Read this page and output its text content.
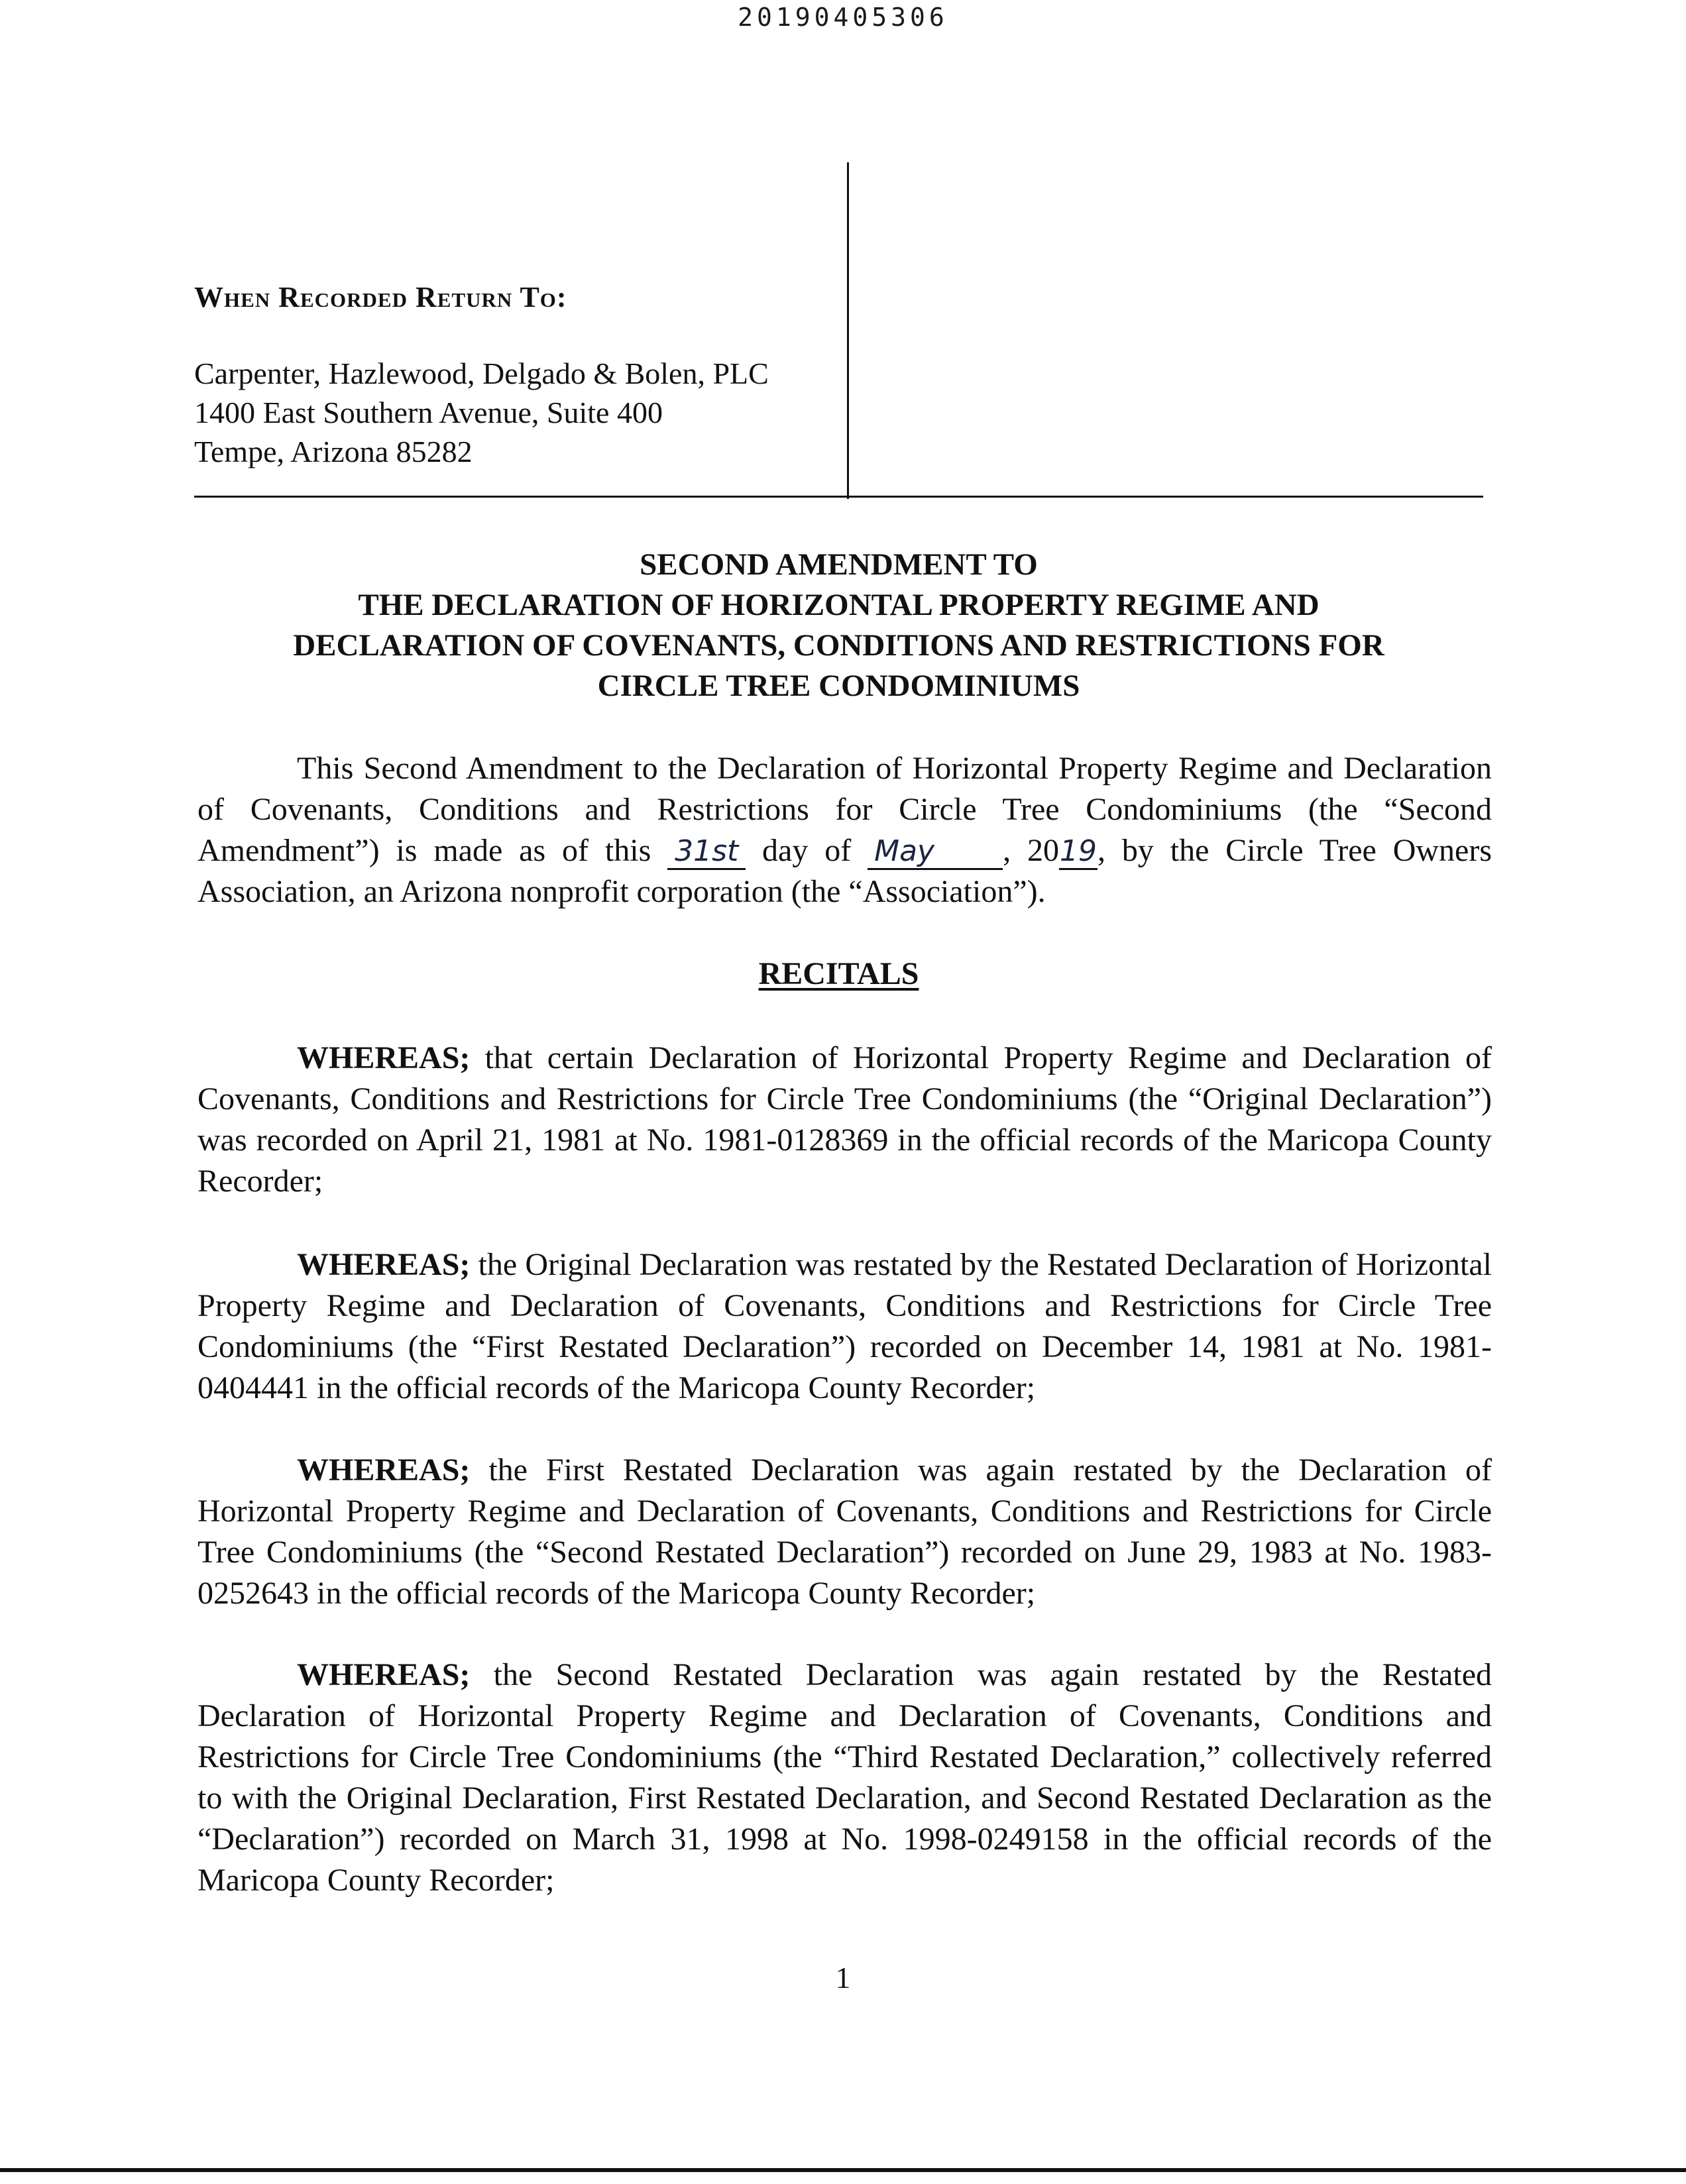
20190405306
When Recorded Return To:
Carpenter, Hazlewood, Delgado & Bolen, PLC
1400 East Southern Avenue, Suite 400
Tempe, Arizona 85282
SECOND AMENDMENT TO
THE DECLARATION OF HORIZONTAL PROPERTY REGIME AND
DECLARATION OF COVENANTS, CONDITIONS AND RESTRICTIONS FOR
CIRCLE TREE CONDOMINIUMS
This Second Amendment to the Declaration of Horizontal Property Regime and Declaration of Covenants, Conditions and Restrictions for Circle Tree Condominiums (the “Second Amendment”) is made as of this 31st day of May , 2019, by the Circle Tree Owners Association, an Arizona nonprofit corporation (the “Association”).
RECITALS
WHEREAS; that certain Declaration of Horizontal Property Regime and Declaration of Covenants, Conditions and Restrictions for Circle Tree Condominiums (the “Original Declaration”) was recorded on April 21, 1981 at No. 1981-0128369 in the official records of the Maricopa County Recorder;
WHEREAS; the Original Declaration was restated by the Restated Declaration of Horizontal Property Regime and Declaration of Covenants, Conditions and Restrictions for Circle Tree Condominiums (the “First Restated Declaration”) recorded on December 14, 1981 at No. 1981-0404441 in the official records of the Maricopa County Recorder;
WHEREAS; the First Restated Declaration was again restated by the Declaration of Horizontal Property Regime and Declaration of Covenants, Conditions and Restrictions for Circle Tree Condominiums (the “Second Restated Declaration”) recorded on June 29, 1983 at No. 1983-0252643 in the official records of the Maricopa County Recorder;
WHEREAS; the Second Restated Declaration was again restated by the Restated Declaration of Horizontal Property Regime and Declaration of Covenants, Conditions and Restrictions for Circle Tree Condominiums (the “Third Restated Declaration,” collectively referred to with the Original Declaration, First Restated Declaration, and Second Restated Declaration as the “Declaration”) recorded on March 31, 1998 at No. 1998-0249158 in the official records of the Maricopa County Recorder;
1
